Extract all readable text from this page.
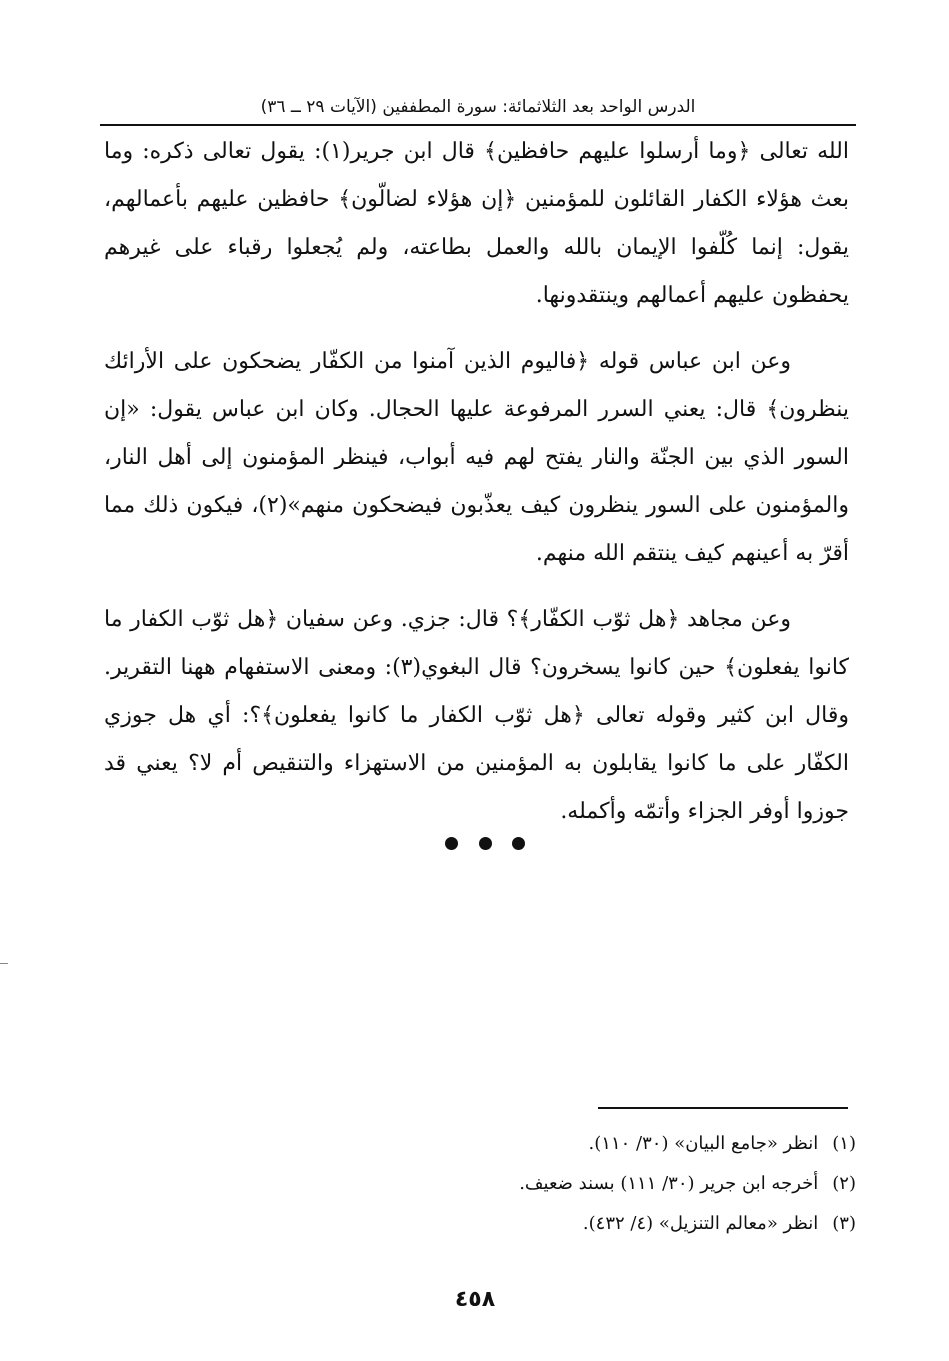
الدرس الواحد بعد الثلاثمائة: سورة المطففين (الآيات ٢٩ ــ ٣٦)

الله تعالى ﴿وما أرسلوا عليهم حافظين﴾ قال ابن جرير(١): يقول تعالى ذكره: وما بعث هؤلاء الكفار القائلون للمؤمنين ﴿إن هؤلاء لضالّون﴾ حافظين عليهم بأعمالهم، يقول: إنما كُلّفوا الإيمان بالله والعمل بطاعته، ولم يُجعلوا رقباء على غيرهم يحفظون عليهم أعمالهم وينتقدونها.

وعن ابن عباس قوله ﴿فاليوم الذين آمنوا من الكفّار يضحكون على الأرائك ينظرون﴾ قال: يعني السرر المرفوعة عليها الحجال. وكان ابن عباس يقول: «إن السور الذي بين الجنّة والنار يفتح لهم فيه أبواب، فينظر المؤمنون إلى أهل النار، والمؤمنون على السور ينظرون كيف يعذّبون فيضحكون منهم»(٢)، فيكون ذلك مما أقرّ به أعينهم كيف ينتقم الله منهم.

وعن مجاهد ﴿هل ثوّب الكفّار﴾؟ قال: جزي. وعن سفيان ﴿هل ثوّب الكفار ما كانوا يفعلون﴾ حين كانوا يسخرون؟ قال البغوي(٣): ومعنى الاستفهام ههنا التقرير. وقال ابن كثير وقوله تعالى ﴿هل ثوّب الكفار ما كانوا يفعلون﴾؟: أي هل جوزي الكفّار على ما كانوا يقابلون به المؤمنين من الاستهزاء والتنقيص أم لا؟ يعني قد جوزوا أوفر الجزاء وأتمّه وأكمله.

(١)انظر «جامع البيان» (٣٠/ ١١٠).
(٢)أخرجه ابن جرير (٣٠/ ١١١) بسند ضعيف.
(٣)انظر «معالم التنزيل» (٤/ ٤٣٢).
٤٥٨
